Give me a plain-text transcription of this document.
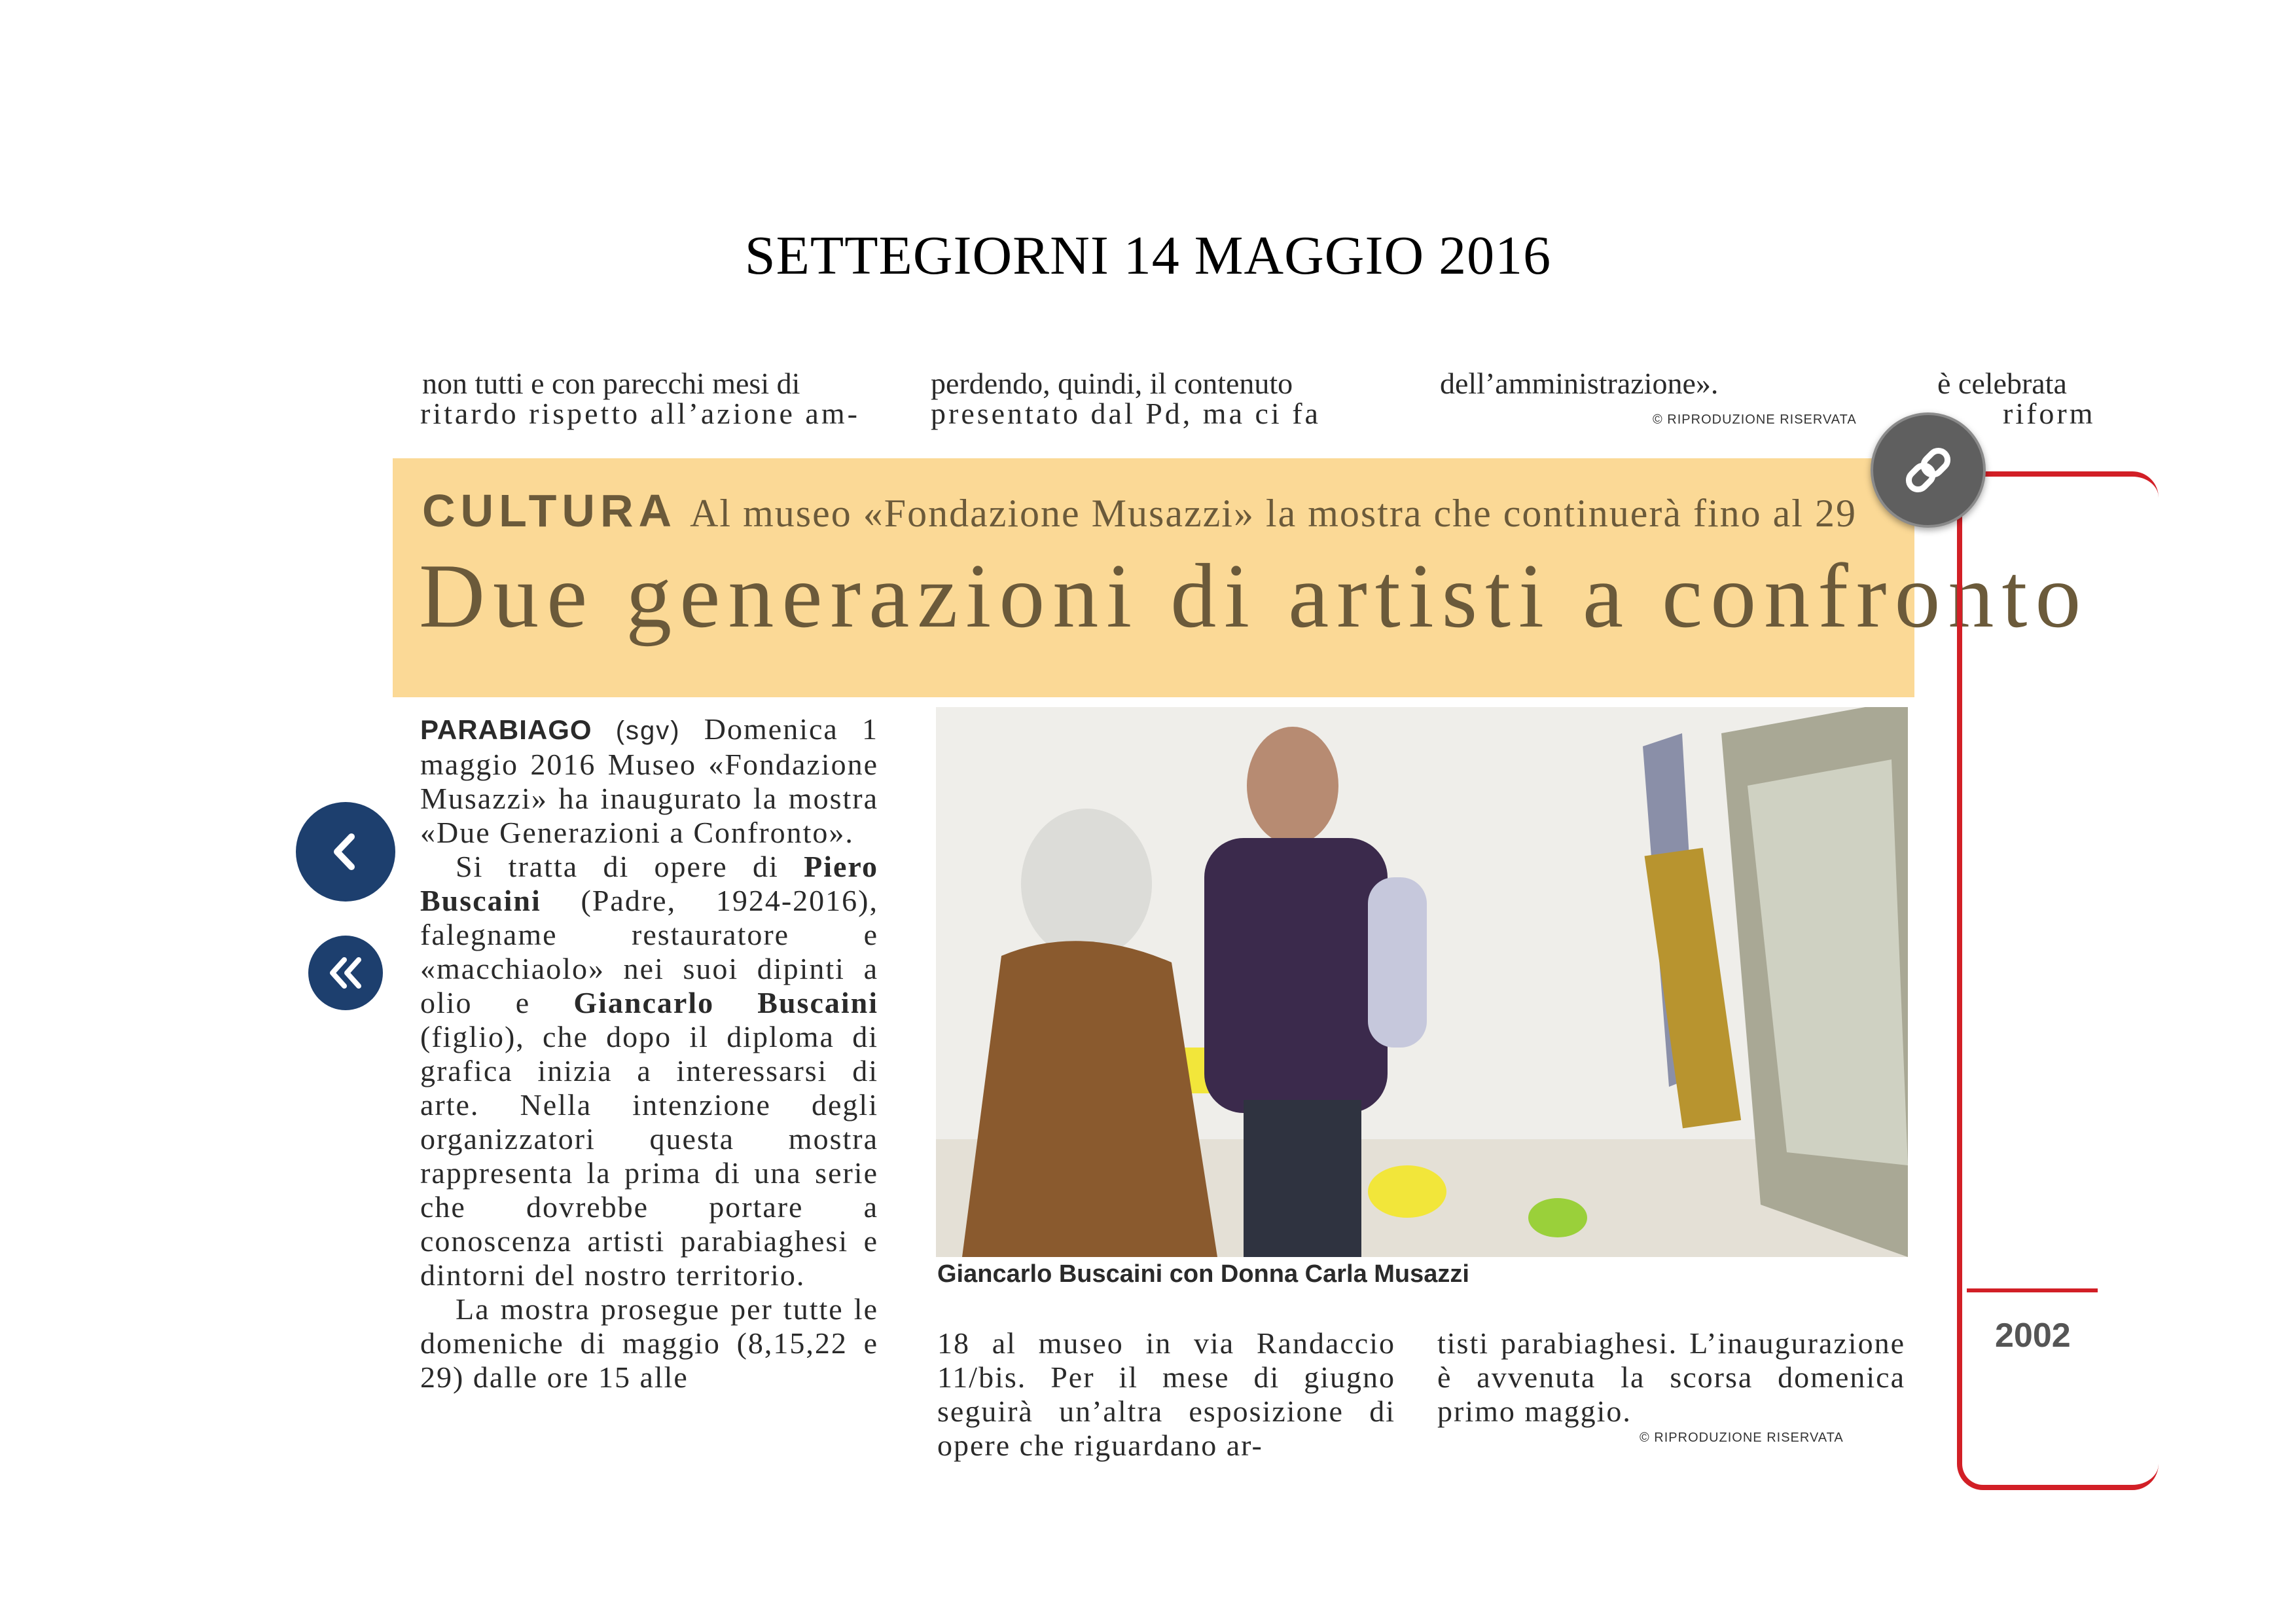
SETTEGIORNI 14 MAGGIO 2016
non tutti e con parecchi mesi di
ritardo rispetto all’azione am-
perdendo, quindi, il contenuto
presentato dal Pd, ma ci fa
dell’amministrazione».	è celebrata
riform
© RIPRODUZIONE RISERVATA
CULTURA Al museo «Fondazione Musazzi» la mostra che continuerà fino al 29
Due generazioni di artisti a confronto
PARABIAGO (sgv) Domenica 1 maggio 2016 Museo «Fondazione Musazzi» ha inaugurato la mostra «Due Generazioni a Confronto».
Si tratta di opere di Piero Buscaini (Padre, 1924-2016), falegname restauratore e «macchiaolo» nei suoi dipinti a olio e Giancarlo Buscaini (figlio), che dopo il diploma di grafica inizia a interessarsi di arte. Nella intenzione degli organizzatori questa mostra rappresenta la prima di una serie che dovrebbe portare a conoscenza artisti parabiaghesi e dintorni del nostro territorio.
La mostra prosegue per tutte le domeniche di maggio (8,15,22 e 29) dalle ore 15 alle
Giancarlo Buscaini con Donna Carla Musazzi
18 al museo in via Randaccio 11/bis. Per il mese di giugno seguirà un’altra esposizione di opere che riguardano ar-
tisti parabiaghesi. L’inaugurazione è avvenuta la scorsa domenica primo maggio.
© RIPRODUZIONE RISERVATA
2002
